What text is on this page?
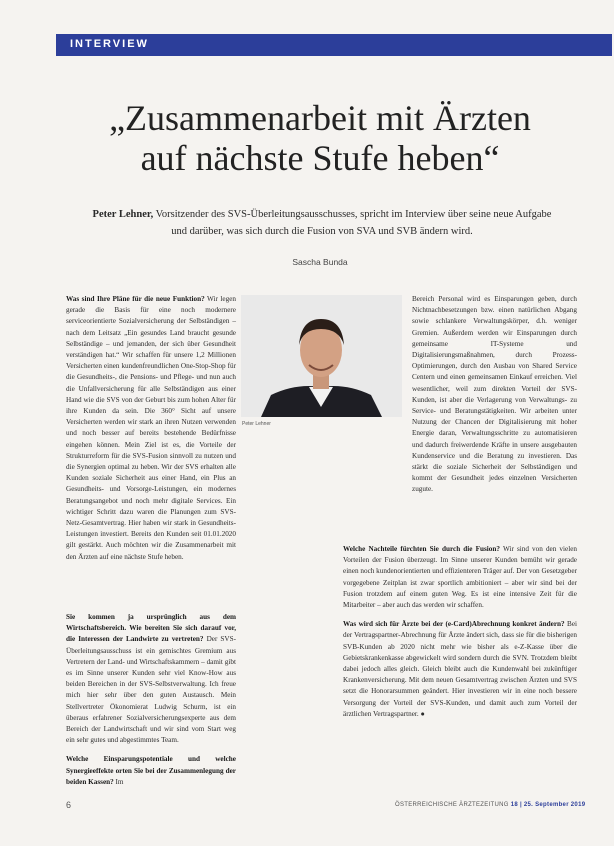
INTERVIEW
„Zusammenarbeit mit Ärzten
auf nächste Stufe heben“
Peter Lehner, Vorsitzender des SVS-Überleitungsausschusses, spricht im Interview über seine neue Aufgabe und darüber, was sich durch die Fusion von SVA und SVB ändern wird.
Sascha Bunda
Was sind Ihre Pläne für die neue Funktion? Wir legen gerade die Basis für eine noch modernere serviceorientierte Sozialversicherung der Selbständigen – nach dem Leitsatz „Ein gesundes Land braucht gesunde Selbständige – und jemanden, der sich über Gesundheit verständigen hat.“ Wir schaffen für unsere 1,2 Millionen Versicherten einen kundenfreundlichen One-Stop-Shop für die Gesundheits-, die Pensions- und Pflege- und nun auch die Unfallversicherung für alle Selbständigen aus einer Hand wie die SVS von der Geburt bis zum hohen Alter für ihre Kunden da sein. Die 360° Sicht auf unsere Versicherten werden wir stark an ihren Nutzen verwenden und noch besser auf bereits bestehende Bedürfnisse eingehen können. Mein Ziel ist es, die Vorteile der Strukturreform für die SVS-Fusion sinnvoll zu nutzen und die Synergien optimal zu heben. Wir der SVS erhalten alle Kunden soziale Sicherheit aus einer Hand, ein Plus an Gesundheits- und Vorsorge-Leistungen, ein modernes Beratungsangebot und noch mehr digitale Services. Ein wichtiger Schritt dazu waren die Planungen zum SVS-Netz-Gesamtvertrag. Hier haben wir stark in Gesundheits-Leistungen investiert. Bereits den Kunden seit 01.01.2020 gilt gestärkt. Auch möchten wir die Zusammenarbeit mit den Ärzten auf eine nächste Stufe heben.
Sie kommen ja ursprünglich aus dem Wirtschaftsbereich. Wie bereiten Sie sich darauf vor, die Interessen der Landwirte zu vertreten? Der SVS-Überleitungsausschuss ist ein gemischtes Gremium aus Vertretern der Land- und Wirtschaftskammern – damit gibt es im Sinne unserer Kunden sehr viel Know-How aus beiden Bereichen in der SVS-Selbstverwaltung. Ich freue mich hier sehr über den guten Austausch. Mein Stellvertreter Ökonomierat Ludwig Schurm, ist ein überaus erfahrener Sozialversicherungsexperte aus dem Bereich der Landwirtschaft und wir sind vom Start weg ein sehr gutes und abgestimmtes Team.
Welche Einsparungspotentiale und welche Synergieeffekte orten Sie bei der Zusammenlegung der beiden Kassen? Im
Peter Lehner
Bereich Personal wird es Einsparungen geben, durch Nichtnachbesetzungen bzw. einen natürlichen Abgang sowie schlankere Verwaltungskörper, d.h. weniger Gremien. Außerdem werden wir Einsparungen durch gemeinsame IT-Systeme und Digitalisierungsmaßnahmen, durch Prozess-Optimierungen, durch den Ausbau von Shared Service Centern und einen gemeinsamen Einkauf erreichen. Viel wesentlicher, weil zum direkten Vorteil der SVS-Kunden, ist aber die Verlagerung von Verwaltungs- zu Service- und Beratungstätigkeiten. Wir arbeiten unter Nutzung der Chancen der Digitalisierung mit hoher Energie daran, Verwaltungsschritte zu automatisieren und dadurch freiwerdende Kräfte in unsere ausgebauten Kundenservice und die Beratung zu investieren. Das stärkt die soziale Sicherheit der Selbständigen und kommt der Gesundheit jedes einzelnen Versicherten zugute.
Welche Nachteile fürchten Sie durch die Fusion? Wir sind von den vielen Vorteilen der Fusion überzeugt. Im Sinne unserer Kunden bemüht wir gerade einen noch kundenorientierten und effizienteren Träger auf. Der von Gesetzgeber vorgegebene Zeitplan ist zwar sportlich ambitioniert – aber wir sind bei der Fusion trotzdem auf einem guten Weg. Es ist eine intensive Zeit für die Mitarbeiter – aber auch das werden wir schaffen.
Was wird sich für Ärzte bei der (e-Card)Abrechnung konkret ändern? Bei der Vertragspartner-Abrechnung für Ärzte ändert sich, dass sie für die bisherigen SVB-Kunden ab 2020 nicht mehr wie bisher als e-Z-Kasse über die Gebietskrankenkasse abgewickelt wird sondern durch die SVN. Trotzdem bleibt dabei jedoch alles gleich. Gleich bleibt auch die Kundenwahl bei zukünftiger Krankenversicherung. Mit dem neuen Gesamtvertrag zwischen Ärzten und SVS setzt die Honorarsummen geändert. Hier investieren wir in eine noch bessere Versorgung der Vorteil der SVS-Kunden, und damit auch zum Vorteil der ärztlichen Vertragspartner. ●
6	ÖSTERREICHISCHE ÄRZTEZEITUNG 18 | 25. September 2019
